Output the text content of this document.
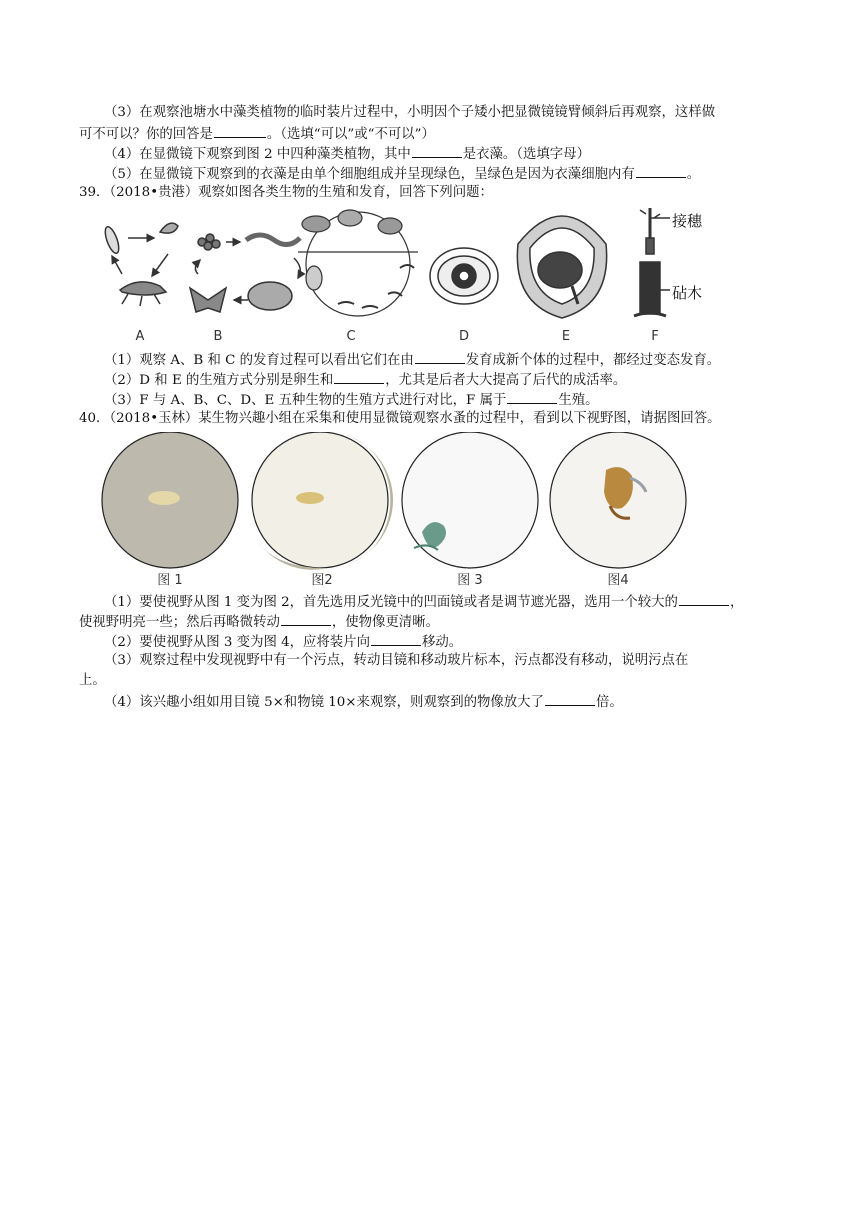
（3）在观察池塘水中藻类植物的临时装片过程中，小明因个子矮小把显微镜镜臂倾斜后再观察，这样做
可不可以？你的回答是	。（选填“可以”或“不可以”）
（4）在显微镜下观察到图 2 中四种藻类植物，其中	是衣藻。（选填字母）
（5）在显微镜下观察到的衣藻是由单个细胞组成并呈现绿色，呈绿色是因为衣藻细胞内有	。
39．（2018•贵港）观察如图各类生物的生殖和发育，回答下列问题：
接穗
砧木
A	B	C	D	E	F
（1）观察 A、B 和 C 的发育过程可以看出它们在由	发育成新个体的过程中，都经过变态发育。
（2）D 和 E 的生殖方式分别是卵生和	，尤其是后者大大提高了后代的成活率。
（3）F 与 A、B、C、D、E 五种生物的生殖方式进行对比，F 属于	生殖。
40．（2018•玉林）某生物兴趣小组在采集和使用显微镜观察水蚤的过程中，看到以下视野图，请据图回答。
图 1	图2	图 3	图4
（1）要使视野从图 1 变为图 2，首先选用反光镜中的凹面镜或者是调节遮光器，选用一个较大的	，
使视野明亮一些；然后再略微转动	，使物像更清晰。
（2）要使视野从图 3 变为图 4，应将装片向	移动。
（3）观察过程中发现视野中有一个污点，转动目镜和移动玻片标本，污点都没有移动，说明污点在
上。
（4）该兴趣小组如用目镜 5×和物镜 10×来观察，则观察到的物像放大了	倍。
